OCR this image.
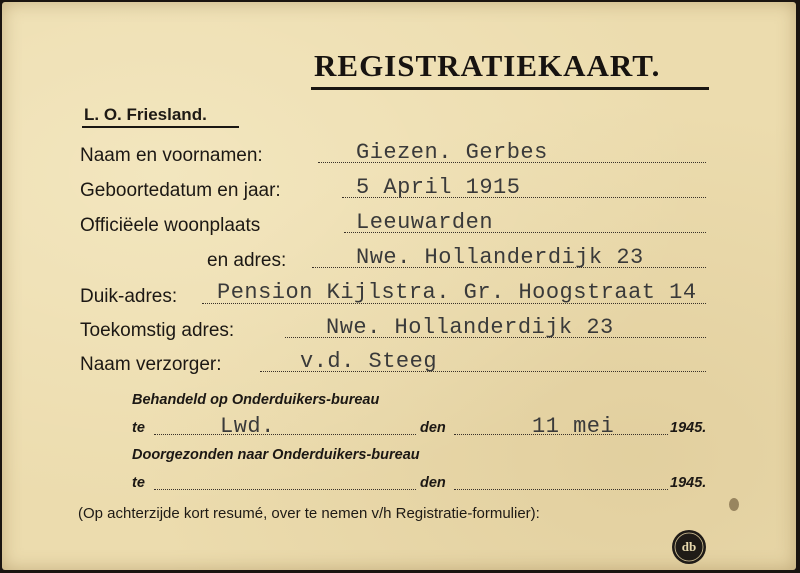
REGISTRATIEKAART.
L. O. Friesland.
Naam en voornamen:	Giezen. Gerbes
Geboortedatum en jaar:	5 April 1915
Officiëele woonplaats	Leeuwarden
en adres:	Nwe. Hollanderdijk 23
Duik-adres: Pension Kijlstra. Gr. Hoogstraat 14
Toekomstig adres:	Nwe. Hollanderdijk 23
Naam verzorger:	v.d. Steeg
Behandeld op Onderduikers-bureau
te	Lwd.	den	11 mei	1945.
Doorgezonden naar Onderduikers-bureau
te	den	1945.
(Op achterzijde kort resumé, over te nemen v/h Registratie-formulier):
db
